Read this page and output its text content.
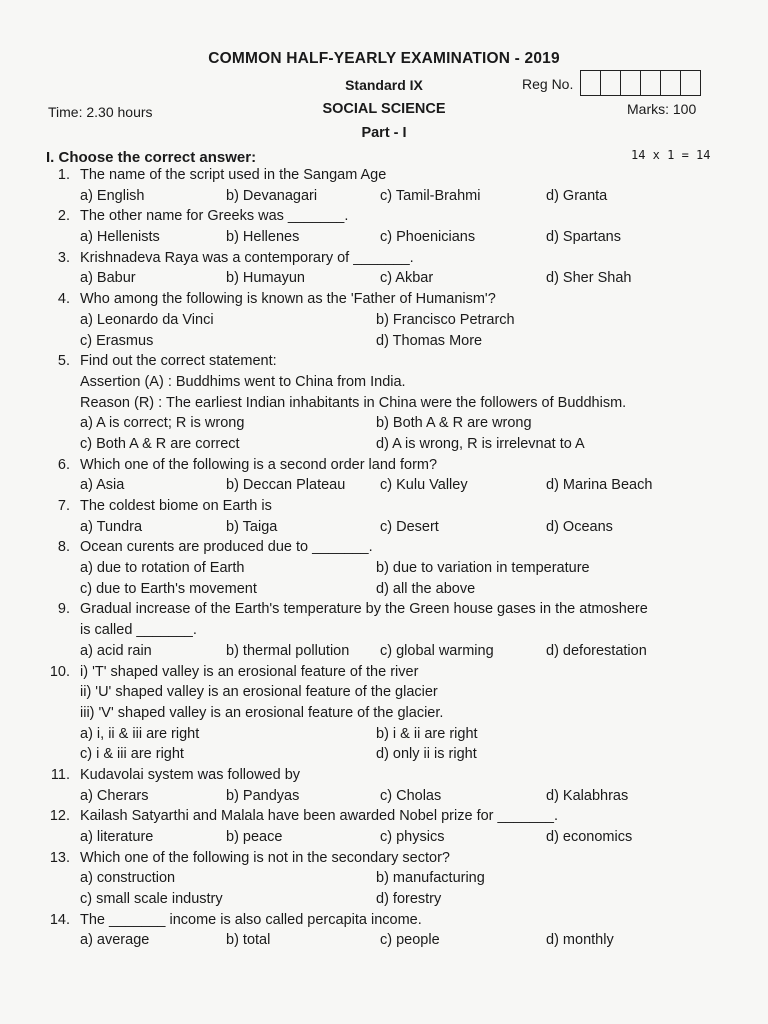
COMMON HALF-YEARLY EXAMINATION - 2019
Standard IX	Reg No.
Time: 2.30 hours	SOCIAL SCIENCE	Marks: 100
Part - I
I. Choose the correct answer:	14 x 1 = 14
1. The name of the script used in the Sangam Age
a) English	b) Devanagari	c) Tamil-Brahmi	d) Granta
2. The other name for Greeks was _______.
a) Hellenists	b) Hellenes	c) Phoenicians	d) Spartans
3. Krishnadeva Raya was a contemporary of _______.
a) Babur	b) Humayun	c) Akbar	d) Sher Shah
4. Who among the following is known as the 'Father of Humanism'?
a) Leonardo da Vinci	b) Francisco Petrarch
c) Erasmus	d) Thomas More
5. Find out the correct statement:
Assertion (A) : Buddhims went to China from India.
Reason (R) : The earliest Indian inhabitants in China were the followers of Buddhism.
a) A is correct; R is wrong	b) Both A & R are wrong
c) Both A & R are correct	d) A is wrong, R is irrelevnat to A
6. Which one of the following is a second order land form?
a) Asia	b) Deccan Plateau c) Kulu Valley	d) Marina Beach
7. The coldest biome on Earth is
a) Tundra	b) Taiga	c) Desert	d) Oceans
8. Ocean curents are produced due to _______.
a) due to rotation of Earth	b) due to variation in temperature
c) due to Earth's movement	d) all the above
9. Gradual increase of the Earth's temperature by the Green house gases in the atmoshere
is called _______.
a) acid rain	b) thermal pollution c) global warming	d) deforestation
10. i) 'T' shaped valley is an erosional feature of the river
ii) 'U' shaped valley is an erosional feature of the glacier
iii) 'V' shaped valley is an erosional feature of the glacier.
a) i, ii & iii are right	b) i & ii are right
c) i & iii are right	d) only ii is right
11. Kudavolai system was followed by
a) Cherars	b) Pandyas	c) Cholas	d) Kalabhras
12. Kailash Satyarthi and Malala have been awarded Nobel prize for _______.
a) literature	b) peace	c) physics	d) economics
13. Which one of the following is not in the secondary sector?
a) construction	b) manufacturing
c) small scale industry	d) forestry
14. The _______ income is also called percapita income.
a) average	b) total	c) people	d) monthly
